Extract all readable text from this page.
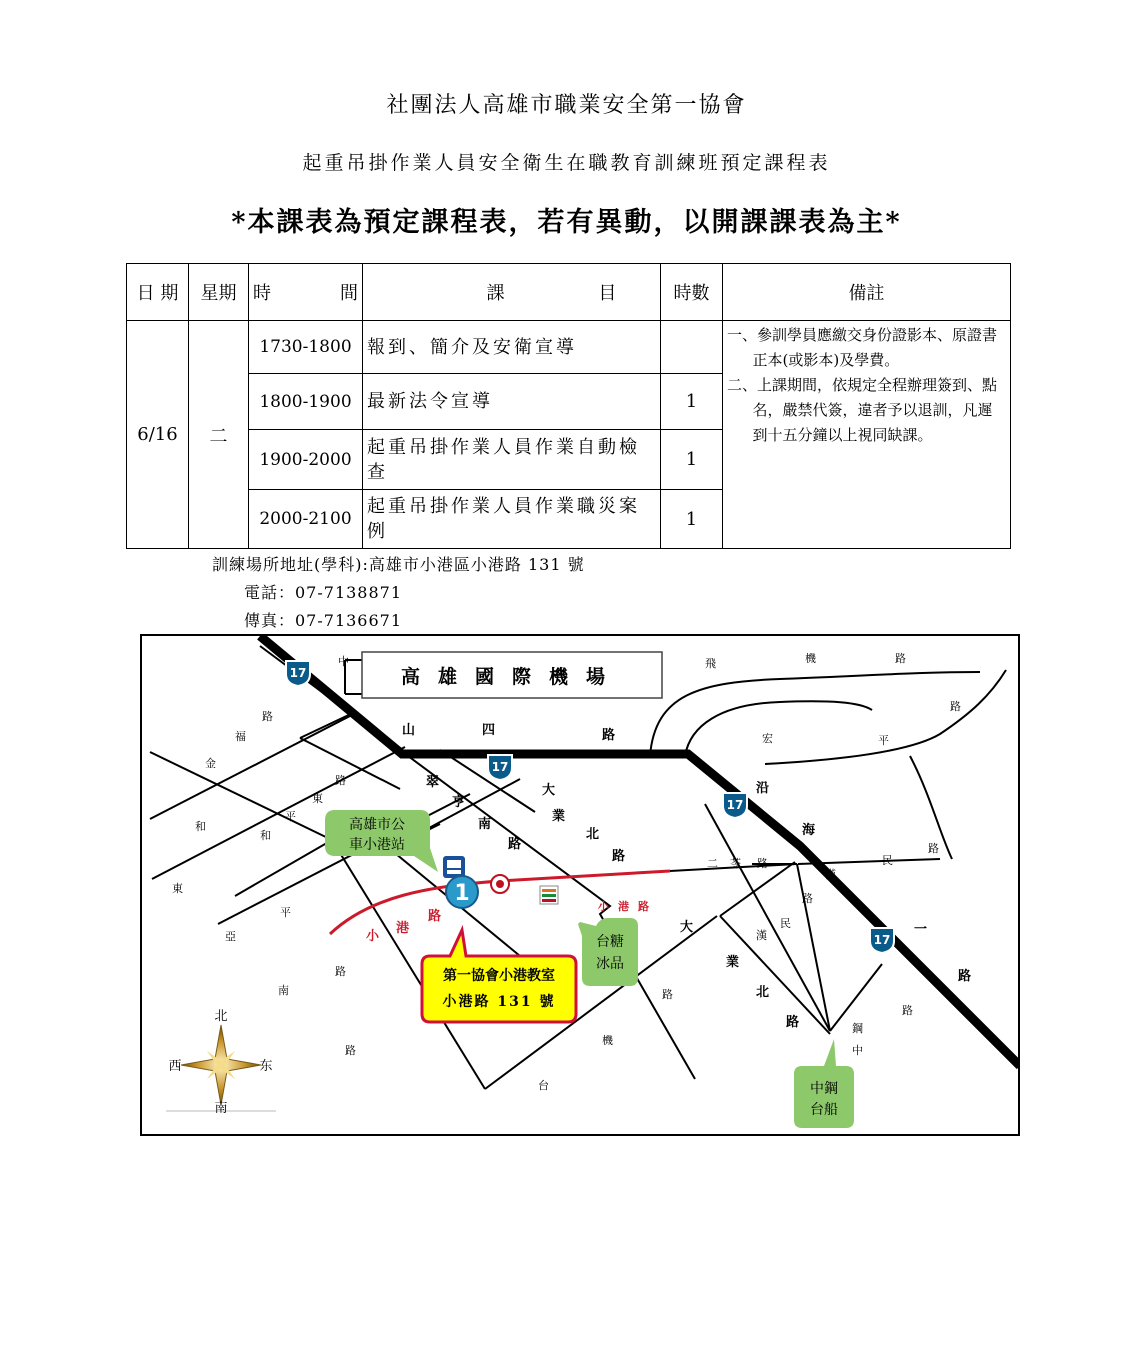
社團法人高雄市職業安全第一協會
起重吊掛作業人員安全衛生在職教育訓練班預定課程表
*本課表為預定課程表，若有異動，以開課課表為主*
日 期	星期	時 間	課 目	時數	備註
6/16	二	1730-1800	報到、簡介及安衛宣導		一、參訓學員應繳交身份證影本、原證書正本(或影本)及學費。
二、上課期間，依規定全程辦理簽到、點名，嚴禁代簽，違者予以退訓，凡遲到十五分鐘以上視同缺課。

		1800-1900	最新法令宣導	1	
		1900-2000	起重吊掛作業人員作業自動檢查	1	
		2000-2100	起重吊掛作業人員作業職災案例	1	
訓練場所地址(學科):高雄市小港區小港路 131 號
電話：07-7138871
傳真：07-7136671
17
17
17
17
高雄國際機場
中	飛	機	路
路
路
福
金
路
東
平
和
和
東
平
亞
路
南
路
機
台
路
路
鋼
中
宏	平
路
民
漢
路
民
漢
二 苓 路
山	四	路
翠
亨
南
路
大
業
北
路
沿
海
一
路
大
業
北
路
小
港
路
小 港 路
高雄市公
車小港站
1
第一協會小港教室
小港路 131 號
台糖
冰品
中鋼
台船
北
南
西	东
